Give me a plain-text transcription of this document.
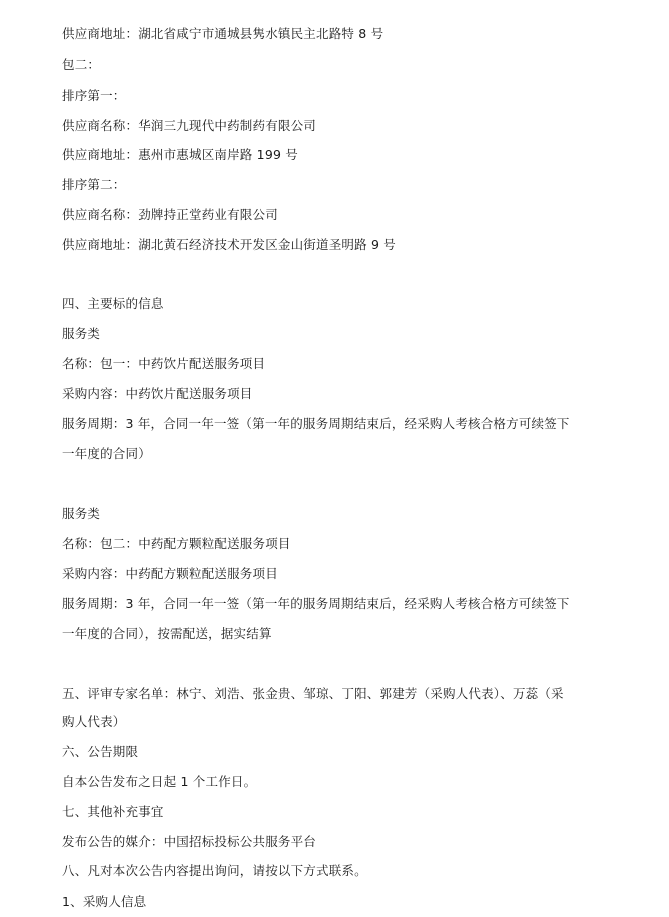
供应商地址：湖北省咸宁市通城县隽水镇民主北路特 8 号
包二：
排序第一：
供应商名称：华润三九现代中药制药有限公司
供应商地址：惠州市惠城区南岸路 199 号
排序第二：
供应商名称：劲牌持正堂药业有限公司
供应商地址：湖北黄石经济技术开发区金山街道圣明路 9 号
四、主要标的信息
服务类
名称：包一：中药饮片配送服务项目
采购内容：中药饮片配送服务项目
服务周期：3 年，合同一年一签（第一年的服务周期结束后，经采购人考核合格方可续签下
一年度的合同）
服务类
名称：包二：中药配方颗粒配送服务项目
采购内容：中药配方颗粒配送服务项目
服务周期：3 年，合同一年一签（第一年的服务周期结束后，经采购人考核合格方可续签下
一年度的合同），按需配送，据实结算
五、评审专家名单：林宁、刘浩、张金贵、邹琼、丁阳、郭建芳（采购人代表）、万蕊（采
购人代表）
六、公告期限
自本公告发布之日起 1 个工作日。
七、其他补充事宜
发布公告的媒介：中国招标投标公共服务平台
八、凡对本次公告内容提出询问，请按以下方式联系。
1、采购人信息
